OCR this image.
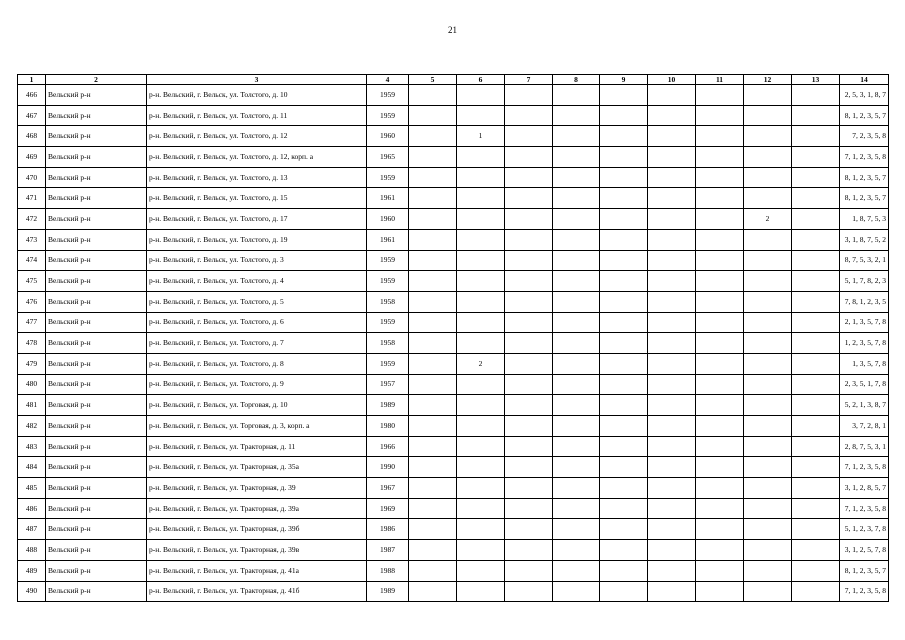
21
1	2	3	4	5	6	7	8	9	10	11	12	13	14
466	Вельский р-н	р-н. Вельский, г. Вельск, ул. Толстого, д. 10	1959										2, 5, 3, 1, 8, 7
467	Вельский р-н	р-н. Вельский, г. Вельск, ул. Толстого, д. 11	1959										8, 1, 2, 3, 5, 7
468	Вельский р-н	р-н. Вельский, г. Вельск, ул. Толстого, д. 12	1960		1								7, 2, 3, 5, 8
469	Вельский р-н	р-н. Вельский, г. Вельск, ул. Толстого, д. 12, корп. а	1965										7, 1, 2, 3, 5, 8
470	Вельский р-н	р-н. Вельский, г. Вельск, ул. Толстого, д. 13	1959										8, 1, 2, 3, 5, 7
471	Вельский р-н	р-н. Вельский, г. Вельск, ул. Толстого, д. 15	1961										8, 1, 2, 3, 5, 7
472	Вельский р-н	р-н. Вельский, г. Вельск, ул. Толстого, д. 17	1960								2		1, 8, 7, 5, 3
473	Вельский р-н	р-н. Вельский, г. Вельск, ул. Толстого, д. 19	1961										3, 1, 8, 7, 5, 2
474	Вельский р-н	р-н. Вельский, г. Вельск, ул. Толстого, д. 3	1959										8, 7, 5, 3, 2, 1
475	Вельский р-н	р-н. Вельский, г. Вельск, ул. Толстого, д. 4	1959										5, 1, 7, 8, 2, 3
476	Вельский р-н	р-н. Вельский, г. Вельск, ул. Толстого, д. 5	1958										7, 8, 1, 2, 3, 5
477	Вельский р-н	р-н. Вельский, г. Вельск, ул. Толстого, д. 6	1959										2, 1, 3, 5, 7, 8
478	Вельский р-н	р-н. Вельский, г. Вельск, ул. Толстого, д. 7	1958										1, 2, 3, 5, 7, 8
479	Вельский р-н	р-н. Вельский, г. Вельск, ул. Толстого, д. 8	1959		2								1, 3, 5, 7, 8
480	Вельский р-н	р-н. Вельский, г. Вельск, ул. Толстого, д. 9	1957										2, 3, 5, 1, 7, 8
481	Вельский р-н	р-н. Вельский, г. Вельск, ул. Торговая, д. 10	1989										5, 2, 1, 3, 8, 7
482	Вельский р-н	р-н. Вельский, г. Вельск, ул. Торговая, д. 3, корп. а	1980										3, 7, 2, 8, 1
483	Вельский р-н	р-н. Вельский, г. Вельск, ул. Тракторная, д. 11	1966										2, 8, 7, 5, 3, 1
484	Вельский р-н	р-н. Вельский, г. Вельск, ул. Тракторная, д. 35а	1990										7, 1, 2, 3, 5, 8
485	Вельский р-н	р-н. Вельский, г. Вельск, ул. Тракторная, д. 39	1967										3, 1, 2, 8, 5, 7
486	Вельский р-н	р-н. Вельский, г. Вельск, ул. Тракторная, д. 39а	1969										7, 1, 2, 3, 5, 8
487	Вельский р-н	р-н. Вельский, г. Вельск, ул. Тракторная, д. 39б	1986										5, 1, 2, 3, 7, 8
488	Вельский р-н	р-н. Вельский, г. Вельск, ул. Тракторная, д. 39в	1987										3, 1, 2, 5, 7, 8
489	Вельский р-н	р-н. Вельский, г. Вельск, ул. Тракторная, д. 41а	1988										8, 1, 2, 3, 5, 7
490	Вельский р-н	р-н. Вельский, г. Вельск, ул. Тракторная, д. 41б	1989										7, 1, 2, 3, 5, 8
